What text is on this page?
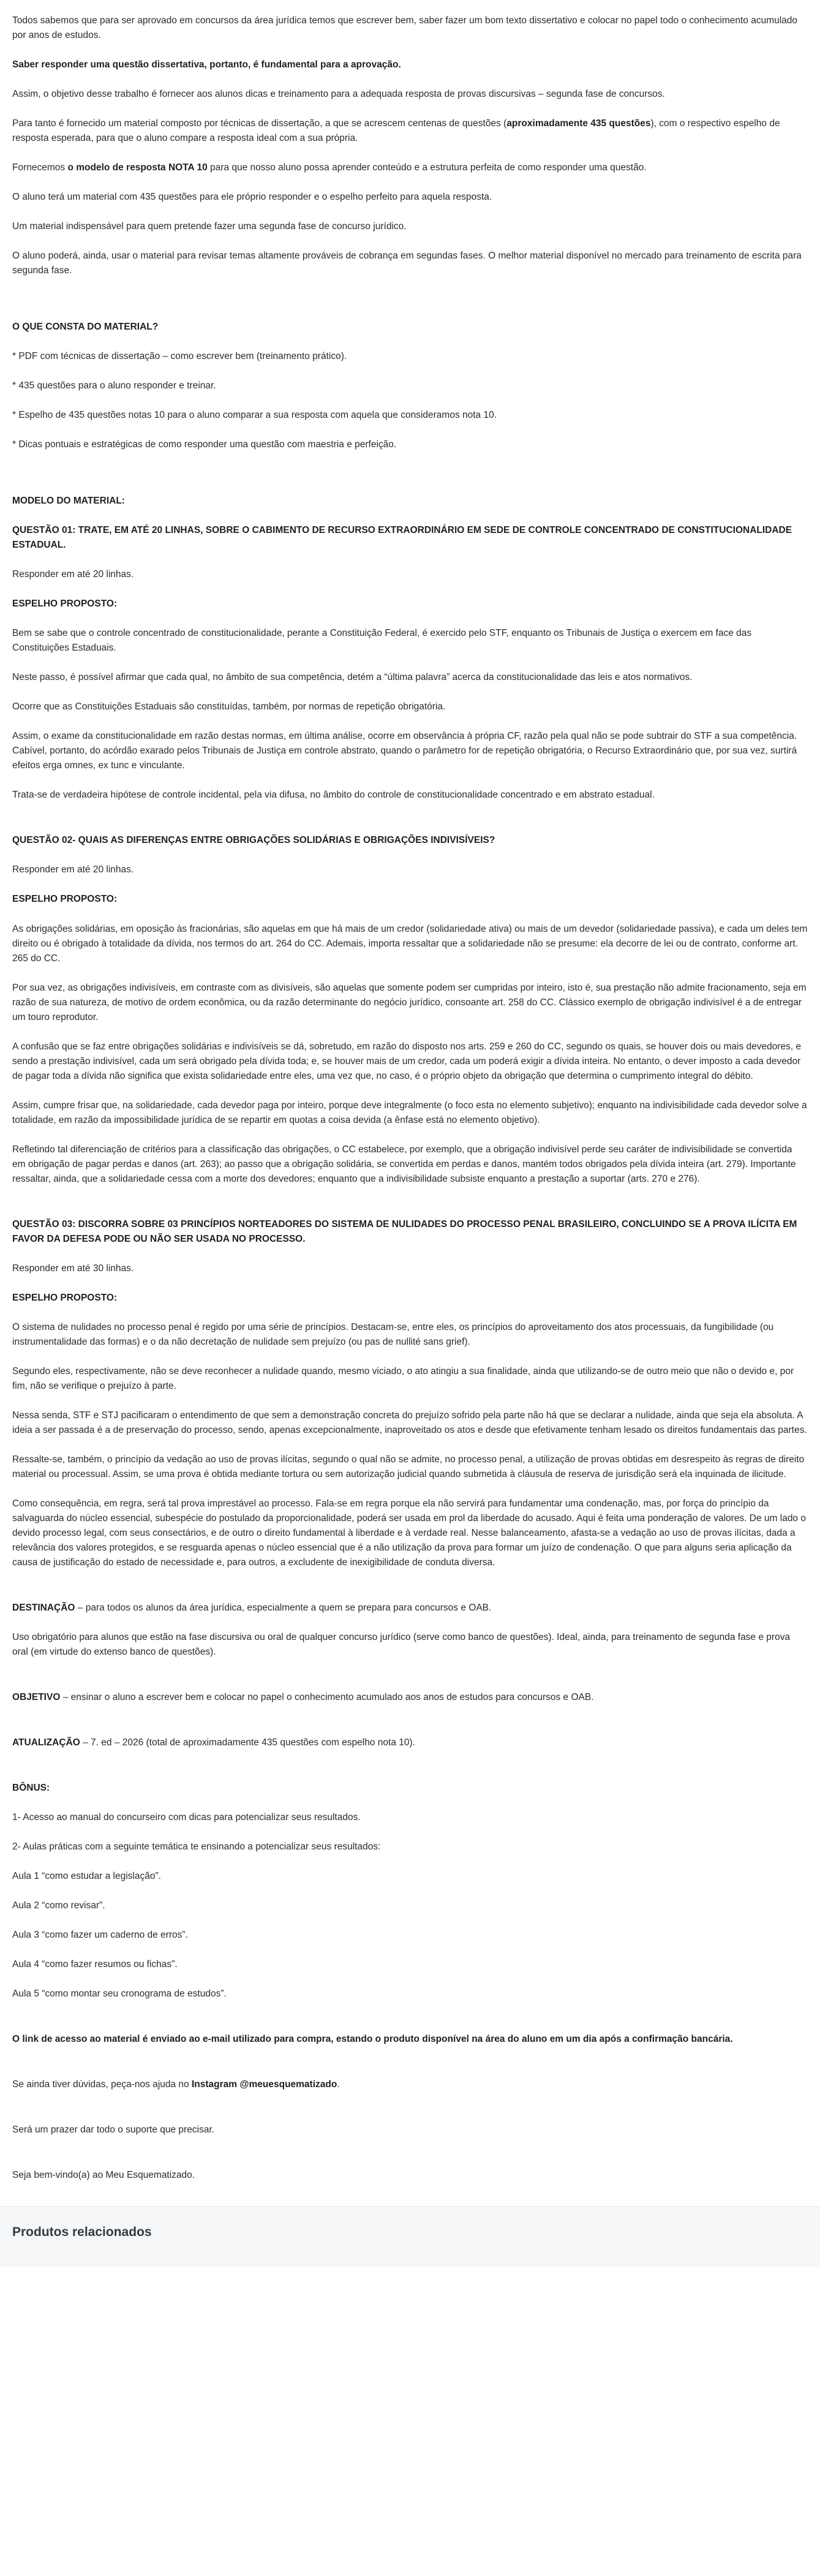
Todos sabemos que para ser aprovado em concursos da área jurídica temos que escrever bem, saber fazer um bom texto dissertativo e colocar no papel todo o conhecimento acumulado por anos de estudos.

Saber responder uma questão dissertativa, portanto, é fundamental para a aprovação.

Assim, o objetivo desse trabalho é fornecer aos alunos dicas e treinamento para a adequada resposta de provas discursivas – segunda fase de concursos.

Para tanto é fornecido um material composto por técnicas de dissertação, a que se acrescem centenas de questões (aproximadamente 435 questões), com o respectivo espelho de resposta esperada, para que o aluno compare a resposta ideal com a sua própria.

Fornecemos o modelo de resposta NOTA 10 para que nosso aluno possa aprender conteúdo e a estrutura perfeita de como responder uma questão.

O aluno terá um material com 435 questões para ele próprio responder e o espelho perfeito para aquela resposta.

Um material indispensável para quem pretende fazer uma segunda fase de concurso jurídico.

O aluno poderá, ainda, usar o material para revisar temas altamente prováveis de cobrança em segundas fases. O melhor material disponível no mercado para treinamento de escrita para segunda fase.

O QUE CONSTA DO MATERIAL?

* PDF com técnicas de dissertação – como escrever bem (treinamento prático).

* 435 questões para o aluno responder e treinar.

* Espelho de 435 questões notas 10 para o aluno comparar a sua resposta com aquela que consideramos nota 10.

* Dicas pontuais e estratégicas de como responder uma questão com maestria e perfeição.

MODELO DO MATERIAL:

QUESTÃO 01: TRATE, EM ATÉ 20 LINHAS, SOBRE O CABIMENTO DE RECURSO EXTRAORDINÁRIO EM SEDE DE CONTROLE CONCENTRADO DE CONSTITUCIONALIDADE ESTADUAL.

Responder em até 20 linhas.

ESPELHO PROPOSTO:

Bem se sabe que o controle concentrado de constitucionalidade, perante a Constituição Federal, é exercido pelo STF, enquanto os Tribunais de Justiça o exercem em face das Constituições Estaduais.

Neste passo, é possível afirmar que cada qual, no âmbito de sua competência, detém a “última palavra” acerca da constitucionalidade das leis e atos normativos.

Ocorre que as Constituições Estaduais são constituídas, também, por normas de repetição obrigatória.

Assim, o exame da constitucionalidade em razão destas normas, em última análise, ocorre em observância à própria CF, razão pela qual não se pode subtrair do STF a sua competência. Cabível, portanto, do acórdão exarado pelos Tribunais de Justiça em controle abstrato, quando o parâmetro for de repetição obrigatória, o Recurso Extraordinário que, por sua vez, surtirá efeitos erga omnes, ex tunc e vinculante.

Trata-se de verdadeira hipótese de controle incidental, pela via difusa, no âmbito do controle de constitucionalidade concentrado e em abstrato estadual.

QUESTÃO 02- QUAIS AS DIFERENÇAS ENTRE OBRIGAÇÕES SOLIDÁRIAS E OBRIGAÇÕES INDIVISÍVEIS?

Responder em até 20 linhas.

ESPELHO PROPOSTO:

As obrigações solidárias, em oposição às fracionárias, são aquelas em que há mais de um credor (solidariedade ativa) ou mais de um devedor (solidariedade passiva), e cada um deles tem direito ou é obrigado à totalidade da dívida, nos termos do art. 264 do CC. Ademais, importa ressaltar que a solidariedade não se presume: ela decorre de lei ou de contrato, conforme art. 265 do CC.

Por sua vez, as obrigações indivisíveis, em contraste com as divisíveis, são aquelas que somente podem ser cumpridas por inteiro, isto é, sua prestação não admite fracionamento, seja em razão de sua natureza, de motivo de ordem econômica, ou da razão determinante do negócio jurídico, consoante art. 258 do CC. Clássico exemplo de obrigação indivisível é a de entregar um touro reprodutor.

A confusão que se faz entre obrigações solidárias e indivisíveis se dá, sobretudo, em razão do disposto nos arts. 259 e 260 do CC, segundo os quais, se houver dois ou mais devedores, e sendo a prestação indivisível, cada um será obrigado pela dívida toda; e, se houver mais de um credor, cada um poderá exigir a dívida inteira. No entanto, o dever imposto a cada devedor de pagar toda a dívida não significa que exista solidariedade entre eles, uma vez que, no caso, é o próprio objeto da obrigação que determina o cumprimento integral do débito.

Assim, cumpre frisar que, na solidariedade, cada devedor paga por inteiro, porque deve integralmente (o foco esta no elemento subjetivo); enquanto na indivisibilidade cada devedor solve a totalidade, em razão da impossibilidade jurídica de se repartir em quotas a coisa devida (a ênfase está no elemento objetivo).

Refletindo tal diferenciação de critérios para a classificação das obrigações, o CC estabelece, por exemplo, que a obrigação indivisível perde seu caráter de indivisibilidade se convertida em obrigação de pagar perdas e danos (art. 263); ao passo que a obrigação solidária, se convertida em perdas e danos, mantém todos obrigados pela dívida inteira (art. 279). Importante ressaltar, ainda, que a solidariedade cessa com a morte dos devedores; enquanto que a indivisibilidade subsiste enquanto a prestação a suportar (arts. 270 e 276).

QUESTÃO 03: DISCORRA SOBRE 03 PRINCÍPIOS NORTEADORES DO SISTEMA DE NULIDADES DO PROCESSO PENAL BRASILEIRO, CONCLUINDO SE A PROVA ILÍCITA EM FAVOR DA DEFESA PODE OU NÃO SER USADA NO PROCESSO.

Responder em até 30 linhas.

ESPELHO PROPOSTO:

O sistema de nulidades no processo penal é regido por uma série de princípios. Destacam-se, entre eles, os princípios do aproveitamento dos atos processuais, da fungibilidade (ou instrumentalidade das formas) e o da não decretação de nulidade sem prejuízo (ou pas de nullité sans grief).

Segundo eles, respectivamente, não se deve reconhecer a nulidade quando, mesmo viciado, o ato atingiu a sua finalidade, ainda que utilizando-se de outro meio que não o devido e, por fim, não se verifique o prejuízo à parte.

Nessa senda, STF e STJ pacificaram o entendimento de que sem a demonstração concreta do prejuízo sofrido pela parte não há que se declarar a nulidade, ainda que seja ela absoluta. A ideia a ser passada é a de preservação do processo, sendo, apenas excepcionalmente, inaproveitado os atos e desde que efetivamente tenham lesado os direitos fundamentais das partes.

Ressalte-se, também, o princípio da vedação ao uso de provas ilícitas, segundo o qual não se admite, no processo penal, a utilização de provas obtidas em desrespeito às regras de direito material ou processual. Assim, se uma prova é obtida mediante tortura ou sem autorização judicial quando submetida à cláusula de reserva de jurisdição será ela inquinada de ilicitude.

Como consequência, em regra, será tal prova imprestável ao processo. Fala-se em regra porque ela não servirá para fundamentar uma condenação, mas, por força do princípio da salvaguarda do núcleo essencial, subespécie do postulado da proporcionalidade, poderá ser usada em prol da liberdade do acusado. Aqui é feita uma ponderação de valores. De um lado o devido processo legal, com seus consectários, e de outro o direito fundamental à liberdade e à verdade real. Nesse balanceamento, afasta-se a vedação ao uso de provas ilícitas, dada a relevância dos valores protegidos, e se resguarda apenas o núcleo essencial que é a não utilização da prova para formar um juízo de condenação. O que para alguns seria aplicação da causa de justificação do estado de necessidade e, para outros, a excludente de inexigibilidade de conduta diversa.

DESTINAÇÃO – para todos os alunos da área jurídica, especialmente a quem se prepara para concursos e OAB.

Uso obrigatório para alunos que estão na fase discursiva ou oral de qualquer concurso jurídico (serve como banco de questões). Ideal, ainda, para treinamento de segunda fase e prova oral (em virtude do extenso banco de questões).

OBJETIVO – ensinar o aluno a escrever bem e colocar no papel o conhecimento acumulado aos anos de estudos para concursos e OAB.

ATUALIZAÇÃO – 7. ed – 2026 (total de aproximadamente 435 questões com espelho nota 10).

BÔNUS:

1- Acesso ao manual do concurseiro com dicas para potencializar seus resultados.

2- Aulas práticas com a seguinte temática te ensinando a potencializar seus resultados:

Aula 1 “como estudar a legislação”.

Aula 2 “como revisar”.

Aula 3 “como fazer um caderno de erros”.

Aula 4 “como fazer resumos ou fichas”.

Aula 5 “como montar seu cronograma de estudos”.

O link de acesso ao material é enviado ao e-mail utilizado para compra, estando o produto disponível na área do aluno em um dia após a confirmação bancária.

Se ainda tiver dúvidas, peça-nos ajuda no Instagram @meuesquematizado.

Será um prazer dar todo o suporte que precisar.

Seja bem-vindo(a) ao Meu Esquematizado.

Produtos relacionados
